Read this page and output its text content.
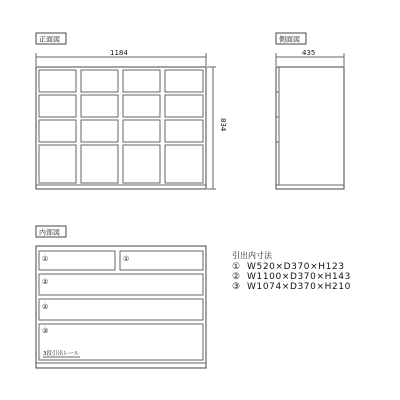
正面図
1184
834
側面図
435
内部図
①	①
②
②
③
3段引出レール
引出内寸法
① W520×D370×H123
② W1100×D370×H143
③ W1074×D370×H210
